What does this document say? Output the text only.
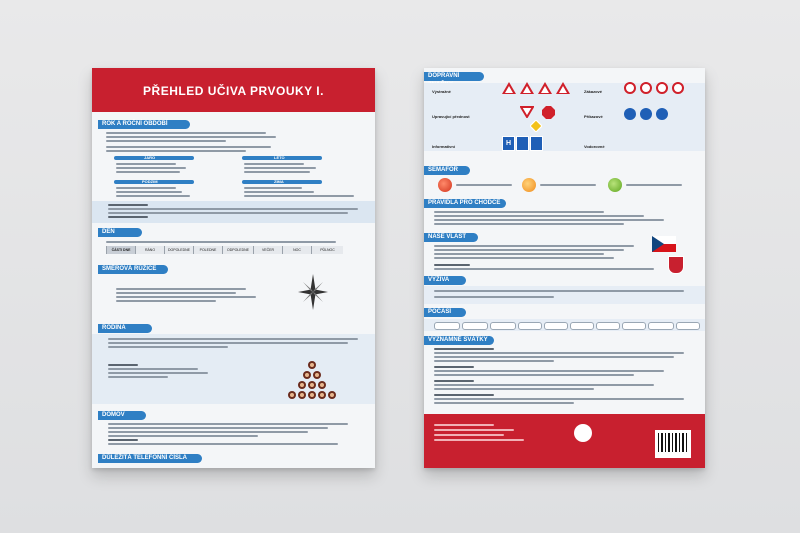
PŘEHLED UČIVA PRVOUKY I.
ROK A ROČNÍ OBDOBÍ
JARO	LÉTO
PODZIM	ZIMA
DEN
ČÁSTI DNE	RÁNO	DOPOLEDNE	POLEDNE	ODPOLEDNE	VEČER	NOC	PŮLNOC
SMĚROVÁ RŮŽICE
RODINA
DOMOV
DŮLEŽITÁ TELEFONNÍ ČÍSLA
DOPRAVNÍ
Výstražné	Zákazové
Upravující přednost	Příkazové
Informativní	H	Vodorovné
SEMAFOR
PRAVIDLA PRO CHODCE
NAŠE VLAST
VÝŽIVA
POČASÍ
VÝZNAMNÉ SVÁTKY
